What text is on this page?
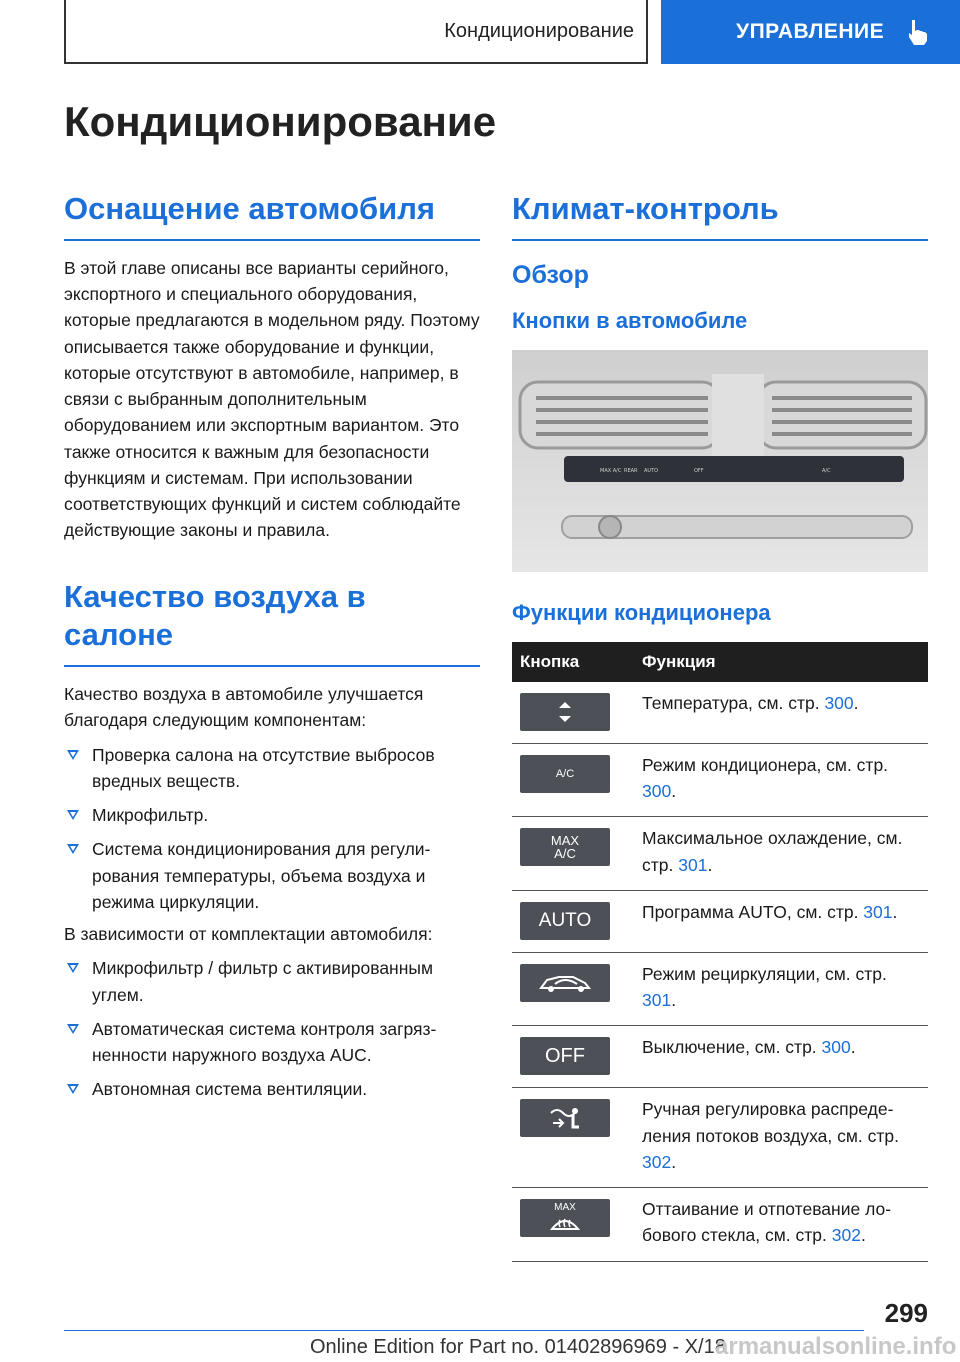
Кондиционирование	УПРАВЛЕНИЕ
Кондиционирование
Оснащение автомобиля

В этой главе описаны все варианты серийного, экспортного и специального оборудования, которые предлагаются в модельном ряду. Поэтому описывается также оборудование и функции, которые отсутствуют в автомобиле, например, в связи с выбранным дополнительным оборудованием или экспортным вариантом. Это также относится к важным для безопасности функциям и системам. При использовании соответствующих функций и систем соблюдайте действующие законы и правила.

Качество воздуха в салоне

Качество воздуха в автомобиле улучшается благодаря следующим компонентам:

Проверка салона на отсутствие выбросов вредных веществ.
Микрофильтр.
Система кондиционирования для регулирования температуры, объема воздуха и режима циркуляции.

В зависимости от комплектации автомобиля:

Микрофильтр / фильтр с активированным углем.
Автоматическая система контроля загрязненности наружного воздуха AUC.
Автономная система вентиляции.
Климат-контроль
Обзор
Кнопки в автомобиле
MAX A/C REAR AUTO	OFF	A/C
Функции кондиционера
Кнопка	Функция

	Температура, см. стр. 300.

A/C	Режим кондиционера, см. стр. 300.

MAX
A/C	Максимальное охлаждение, см. стр. 301.

AUTO	Программа AUTO, см. стр. 301.

	Режим рециркуляции, см. стр. 301.

OFF	Выключение, см. стр. 300.

	Ручная регулировка распределения потоков воздуха, см. стр. 302.

MAX	Оттаивание и отпотевание лобового стекла, см. стр. 302.
299
Online Edition for Part no. 01402896969 - X/18
armanualsonline.info
